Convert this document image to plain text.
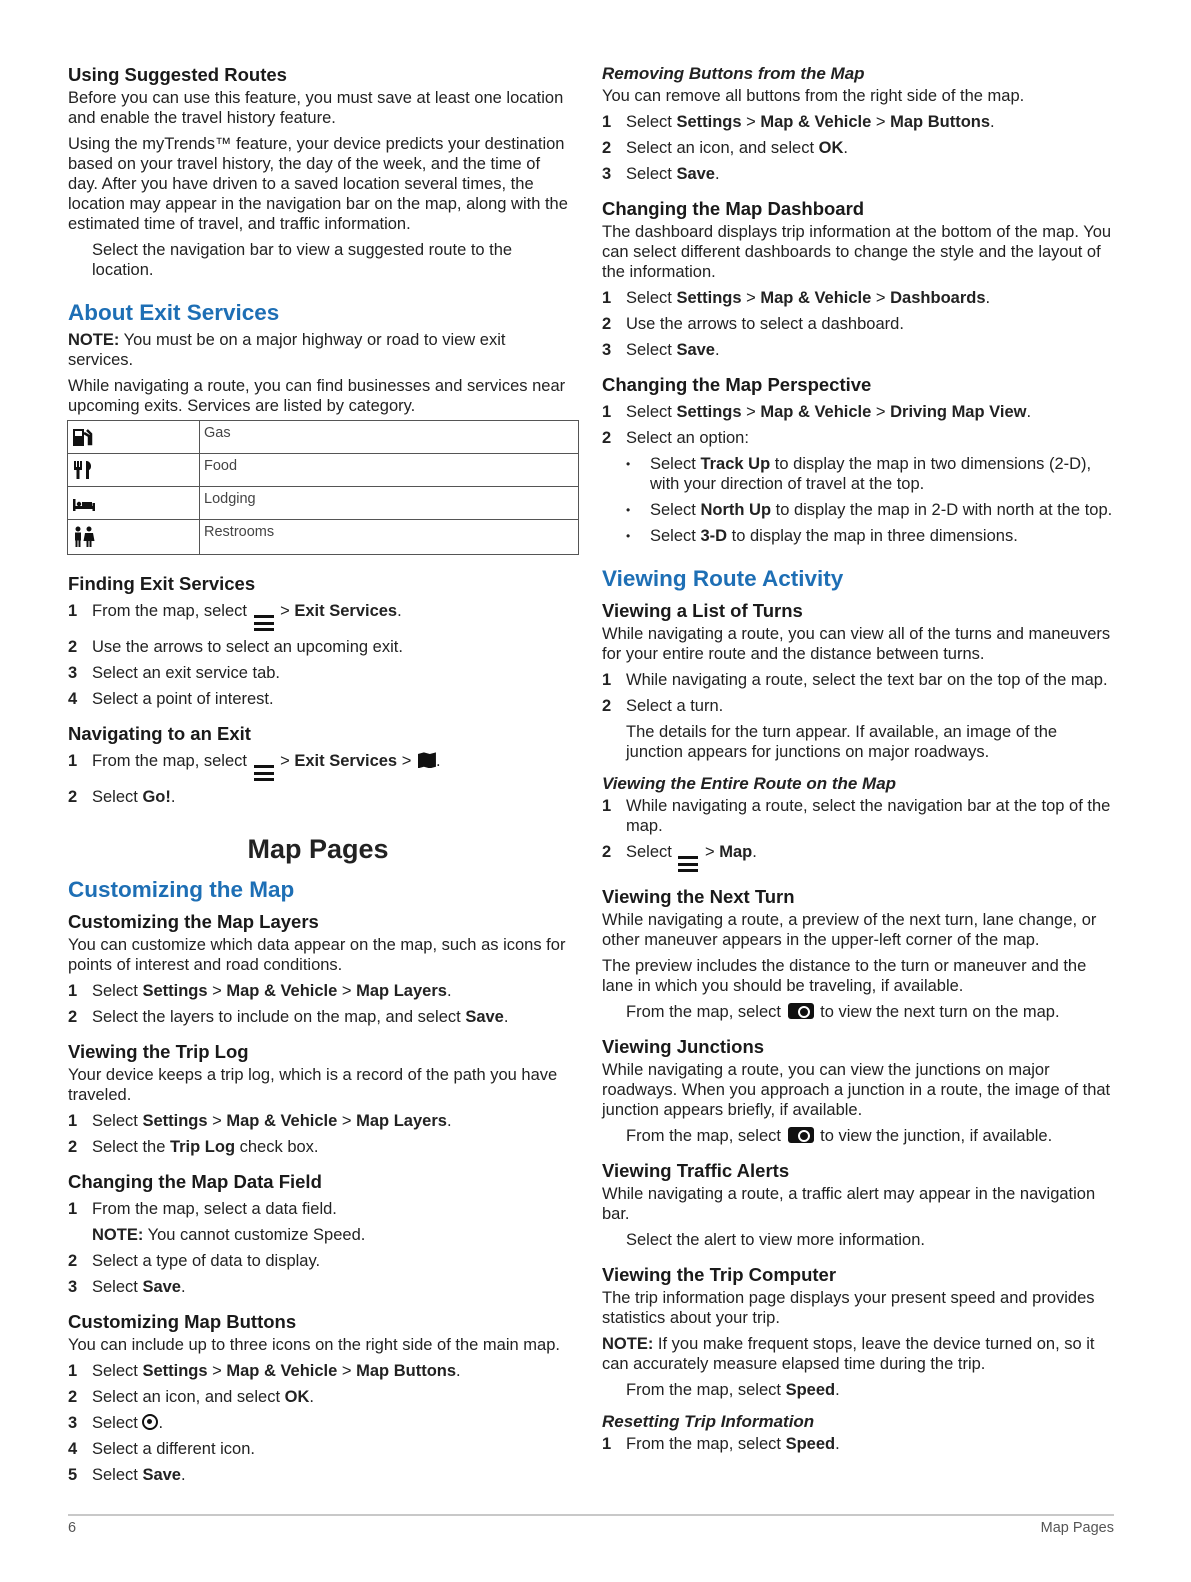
Using Suggested Routes

Before you can use this feature, you must save at least one location and enable the travel history feature.

Using the myTrends™ feature, your device predicts your destination based on your travel history, the day of the week, and the time of day. After you have driven to a saved location several times, the location may appear in the navigation bar on the map, along with the estimated time of travel, and traffic information.

Select the navigation bar to view a suggested route to the location.
About Exit Services

NOTE: You must be on a major highway or road to view exit services.

While navigating a route, you can find businesses and services near upcoming exits. Services are listed by category.

	Gas
	Food
	Lodging
	Restrooms
Finding Exit Services
1 From the map, select
> Exit Services.
2 Use the arrows to select an upcoming exit.
3 Select an exit service tab.
4 Select a point of interest.
Navigating to an Exit
1 From the map, select
> Exit Services > .
2 Select Go!.
Map Pages
Customizing the Map
Customizing the Map Layers

You can customize which data appear on the map, such as icons for points of interest and road conditions.

1 Select Settings > Map & Vehicle > Map Layers.
2 Select the layers to include on the map, and select Save.
Viewing the Trip Log

Your device keeps a trip log, which is a record of the path you have traveled.

1 Select Settings > Map & Vehicle > Map Layers.
2 Select the Trip Log check box.
Changing the Map Data Field
1 From the map, select a data field.
NOTE: You cannot customize Speed.
2 Select a type of data to display.
3 Select Save.
Customizing Map Buttons

You can include up to three icons on the right side of the main map.

1 Select Settings > Map & Vehicle > Map Buttons.
2 Select an icon, and select OK.
3 Select .
4 Select a different icon.
5 Select Save.
Removing Buttons from the Map

You can remove all buttons from the right side of the map.

1 Select Settings > Map & Vehicle > Map Buttons.
2 Select an icon, and select OK.
3 Select Save.
Changing the Map Dashboard

The dashboard displays trip information at the bottom of the map. You can select different dashboards to change the style and the layout of the information.

1 Select Settings > Map & Vehicle > Dashboards.
2 Use the arrows to select a dashboard.
3 Select Save.
Changing the Map Perspective
1 Select Settings > Map & Vehicle > Driving Map View.
2 Select an option:
• Select Track Up to display the map in two dimensions (2-D), with your direction of travel at the top.
• Select North Up to display the map in 2-D with north at the top.
• Select 3-D to display the map in three dimensions.
Viewing Route Activity
Viewing a List of Turns

While navigating a route, you can view all of the turns and maneuvers for your entire route and the distance between turns.

1 While navigating a route, select the text bar on the top of the map.
2 Select a turn.
The details for the turn appear. If available, an image of the junction appears for junctions on major roadways.
Viewing the Entire Route on the Map
1 While navigating a route, select the navigation bar at the top of the map.
2 Select
> Map.
Viewing the Next Turn

While navigating a route, a preview of the next turn, lane change, or other maneuver appears in the upper-left corner of the map.

The preview includes the distance to the turn or maneuver and the lane in which you should be traveling, if available.

From the map, select  to view the next turn on the map.
Viewing Junctions

While navigating a route, you can view the junctions on major roadways. When you approach a junction in a route, the image of that junction appears briefly, if available.

From the map, select  to view the junction, if available.
Viewing Traffic Alerts

While navigating a route, a traffic alert may appear in the navigation bar.

Select the alert to view more information.
Viewing the Trip Computer

The trip information page displays your present speed and provides statistics about your trip.

NOTE: If you make frequent stops, leave the device turned on, so it can accurately measure elapsed time during the trip.

From the map, select Speed.
Resetting Trip Information
1 From the map, select Speed.
6	Map Pages
